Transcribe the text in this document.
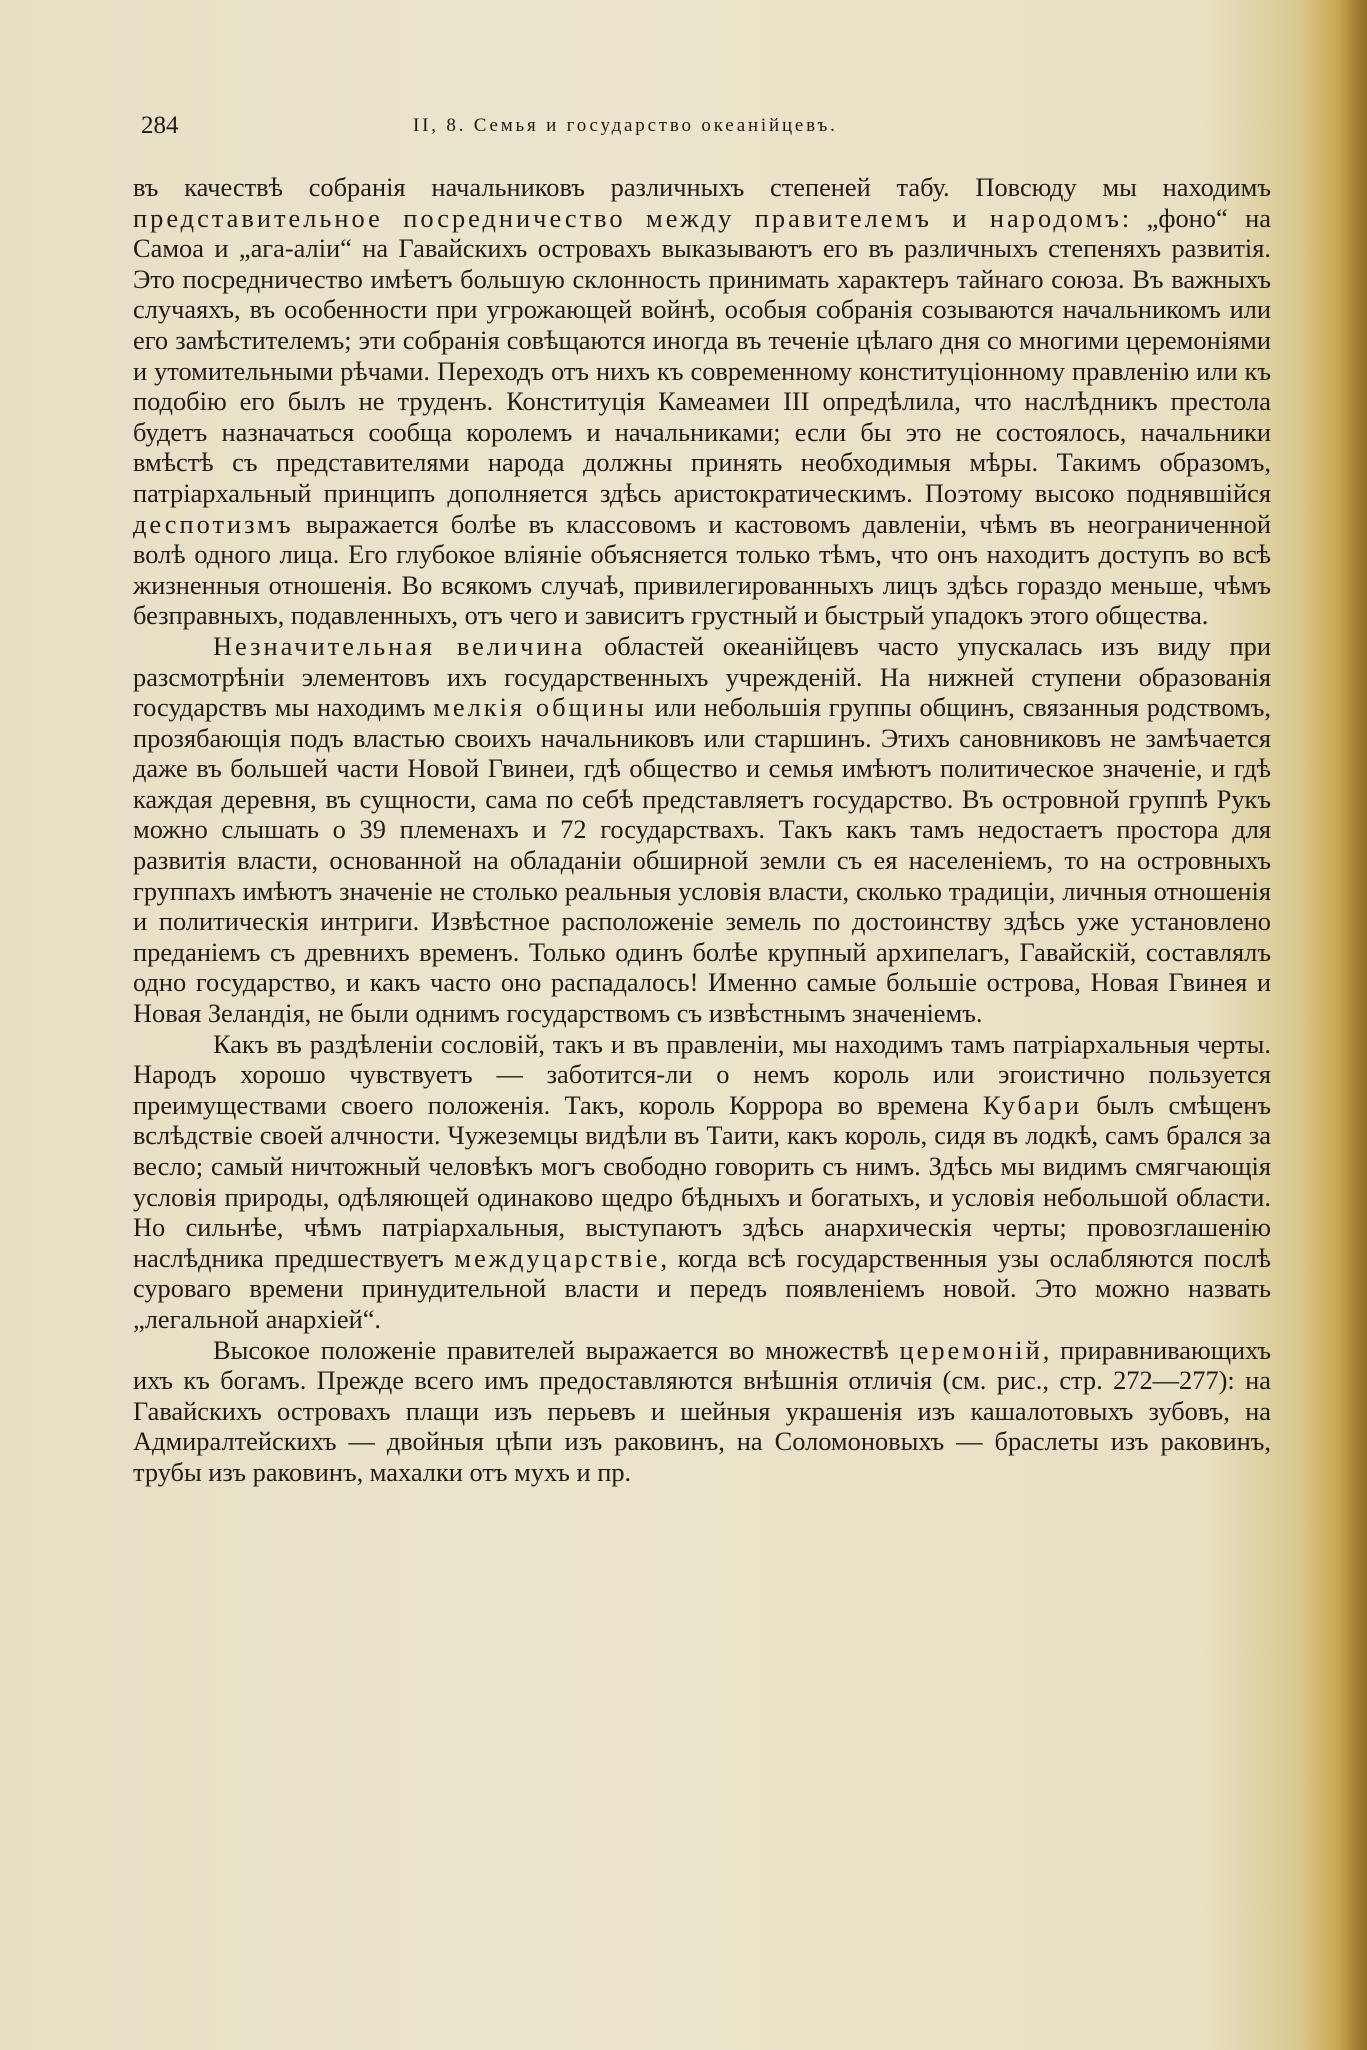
284	II, 8. Семья и государство океанійцевъ.

въ качествѣ собранія начальниковъ различныхъ степеней табу. Повсюду мы находимъ представительное посредничество между правителемъ и народомъ: „фоно“ на Самоа и „ага-аліи“ на Гавайскихъ островахъ выказываютъ его въ различныхъ степеняхъ развитія. Это посредничество имѣетъ большую склонность принимать характеръ тайнаго союза. Въ важныхъ случаяхъ, въ особенности при угрожающей войнѣ, особыя собранія созываются начальникомъ или его замѣстителемъ; эти собранія совѣщаются иногда въ теченіе цѣлаго дня со многими церемоніями и утомительными рѣчами. Переходъ отъ нихъ къ современному конституціонному правленію или къ подобію его былъ не труденъ. Конституція Камеамеи III опредѣлила, что наслѣдникъ престола будетъ назначаться сообща королемъ и начальниками; если бы это не состоялось, начальники вмѣстѣ съ представителями народа должны принять необходимыя мѣры. Такимъ образомъ, патріархальный принципъ дополняется здѣсь аристократическимъ. Поэтому высоко поднявшійся деспотизмъ выражается болѣе въ классовомъ и кастовомъ давленіи, чѣмъ въ неограниченной волѣ одного лица. Его глубокое вліяніе объясняется только тѣмъ, что онъ находитъ доступъ во всѣ жизненныя отношенія. Во всякомъ случаѣ, привилегированныхъ лицъ здѣсь гораздо меньше, чѣмъ безправныхъ, подавленныхъ, отъ чего и зависитъ грустный и быстрый упадокъ этого общества.

Незначительная величина областей океанійцевъ часто упускалась изъ виду при разсмотрѣніи элементовъ ихъ государственныхъ учрежденій. На нижней ступени образованія государствъ мы находимъ мелкія общины или небольшія группы общинъ, связанныя родствомъ, прозябающія подъ властью своихъ начальниковъ или старшинъ. Этихъ сановниковъ не замѣчается даже въ большей части Новой Гвинеи, гдѣ общество и семья имѣютъ политическое значеніе, и гдѣ каждая деревня, въ сущности, сама по себѣ представляетъ государство. Въ островной группѣ Рукъ можно слышать о 39 племенахъ и 72 государствахъ. Такъ какъ тамъ недостаетъ простора для развитія власти, основанной на обладаніи обширной земли съ ея населеніемъ, то на островныхъ группахъ имѣютъ значеніе не столько реальныя условія власти, сколько традиціи, личныя отношенія и политическія интриги. Извѣстное расположеніе земель по достоинству здѣсь уже установлено преданіемъ съ древнихъ временъ. Только одинъ болѣе крупный архипелагъ, Гавайскій, составлялъ одно государство, и какъ часто оно распадалось! Именно самые большіе острова, Новая Гвинея и Новая Зеландія, не были однимъ государствомъ съ извѣстнымъ значеніемъ.

Какъ въ раздѣленіи сословій, такъ и въ правленіи, мы находимъ тамъ патріархальныя черты. Народъ хорошо чувствуетъ — заботится-ли о немъ король или эгоистично пользуется преимуществами своего положенія. Такъ, король Коррора во времена Кубари былъ смѣщенъ вслѣдствіе своей алчности. Чужеземцы видѣли въ Таити, какъ король, сидя въ лодкѣ, самъ брался за весло; самый ничтожный человѣкъ могъ свободно говорить съ нимъ. Здѣсь мы видимъ смягчающія условія природы, одѣляющей одинаково щедро бѣдныхъ и богатыхъ, и условія небольшой области. Но сильнѣе, чѣмъ патріархальныя, выступаютъ здѣсь анархическія черты; провозглашенію наслѣдника предшествуетъ междуцарствіе, когда всѣ государственныя узы ослабляются послѣ суроваго времени принудительной власти и передъ появленіемъ новой. Это можно назвать „легальной анархіей“.

Высокое положеніе правителей выражается во множествѣ церемоній, приравнивающихъ ихъ къ богамъ. Прежде всего имъ предоставляются внѣшнія отличія (см. рис., стр. 272—277): на Гавайскихъ островахъ плащи изъ перьевъ и шейныя украшенія изъ кашалотовыхъ зубовъ, на Адмиралтейскихъ — двойныя цѣпи изъ раковинъ, на Соломоновыхъ — браслеты изъ раковинъ, трубы изъ раковинъ, махалки отъ мухъ и пр.
